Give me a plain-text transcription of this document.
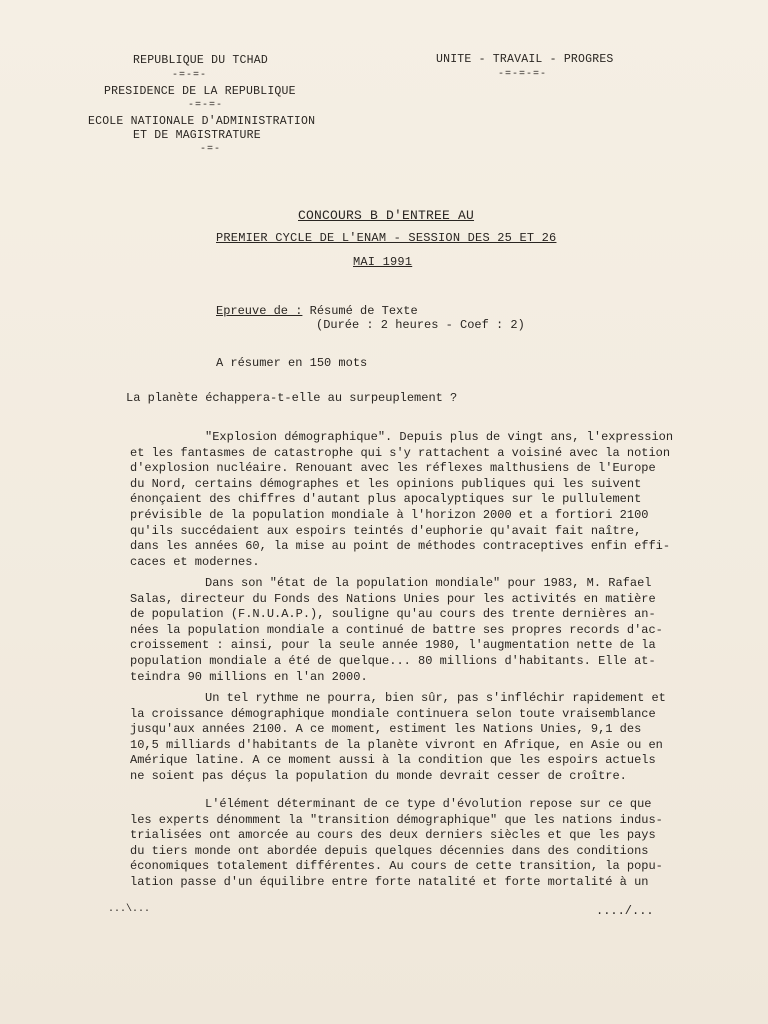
REPUBLIQUE DU TCHAD
-=-=-
PRESIDENCE DE LA REPUBLIQUE
-=-=-
ECOLE NATIONALE D'ADMINISTRATION
ET DE MAGISTRATURE
-=-
UNITE - TRAVAIL - PROGRES
-=-=-=-
CONCOURS B D'ENTREE AU
PREMIER CYCLE DE L'ENAM - SESSION DES 25 ET 26
MAI 1991
Epreuve de : Résumé de Texte
(Durée : 2 heures - Coef : 2)
A résumer en 150 mots
La planète échappera-t-elle au surpeuplement ?
"Explosion démographique". Depuis plus de vingt ans, l'expression
et les fantasmes de catastrophe qui s'y rattachent a voisiné avec la notion
d'explosion nucléaire. Renouant avec les réflexes malthusiens de l'Europe
du Nord, certains démographes et les opinions publiques qui les suivent
énonçaient des chiffres d'autant plus apocalyptiques sur le pullulement
prévisible de la population mondiale à l'horizon 2000 et a fortiori 2100
qu'ils succédaient aux espoirs teintés d'euphorie qu'avait fait naître,
dans les années 60, la mise au point de méthodes contraceptives enfin effi-
caces et modernes.
Dans son "état de la population mondiale" pour 1983, M. Rafael
Salas, directeur du Fonds des Nations Unies pour les activités en matière
de population (F.N.U.A.P.), souligne qu'au cours des trente dernières an-
nées la population mondiale a continué de battre ses propres records d'ac-
croissement : ainsi, pour la seule année 1980, l'augmentation nette de la
population mondiale a été de quelque... 80 millions d'habitants. Elle at-
teindra 90 millions en l'an 2000.
Un tel rythme ne pourra, bien sûr, pas s'infléchir rapidement et
la croissance démographique mondiale continuera selon toute vraisemblance
jusqu'aux années 2100. A ce moment, estiment les Nations Unies, 9,1 des
10,5 milliards d'habitants de la planète vivront en Afrique, en Asie ou en
Amérique latine. A ce moment aussi à la condition que les espoirs actuels
ne soient pas déçus la population du monde devrait cesser de croître.
L'élément déterminant de ce type d'évolution repose sur ce que
les experts dénomment la "transition démographique" que les nations indus-
trialisées ont amorcée au cours des deux derniers siècles et que les pays
du tiers monde ont abordée depuis quelques décennies dans des conditions
économiques totalement différentes. Au cours de cette transition, la popu-
lation passe d'un équilibre entre forte natalité et forte mortalité à un
...\...	..../...
